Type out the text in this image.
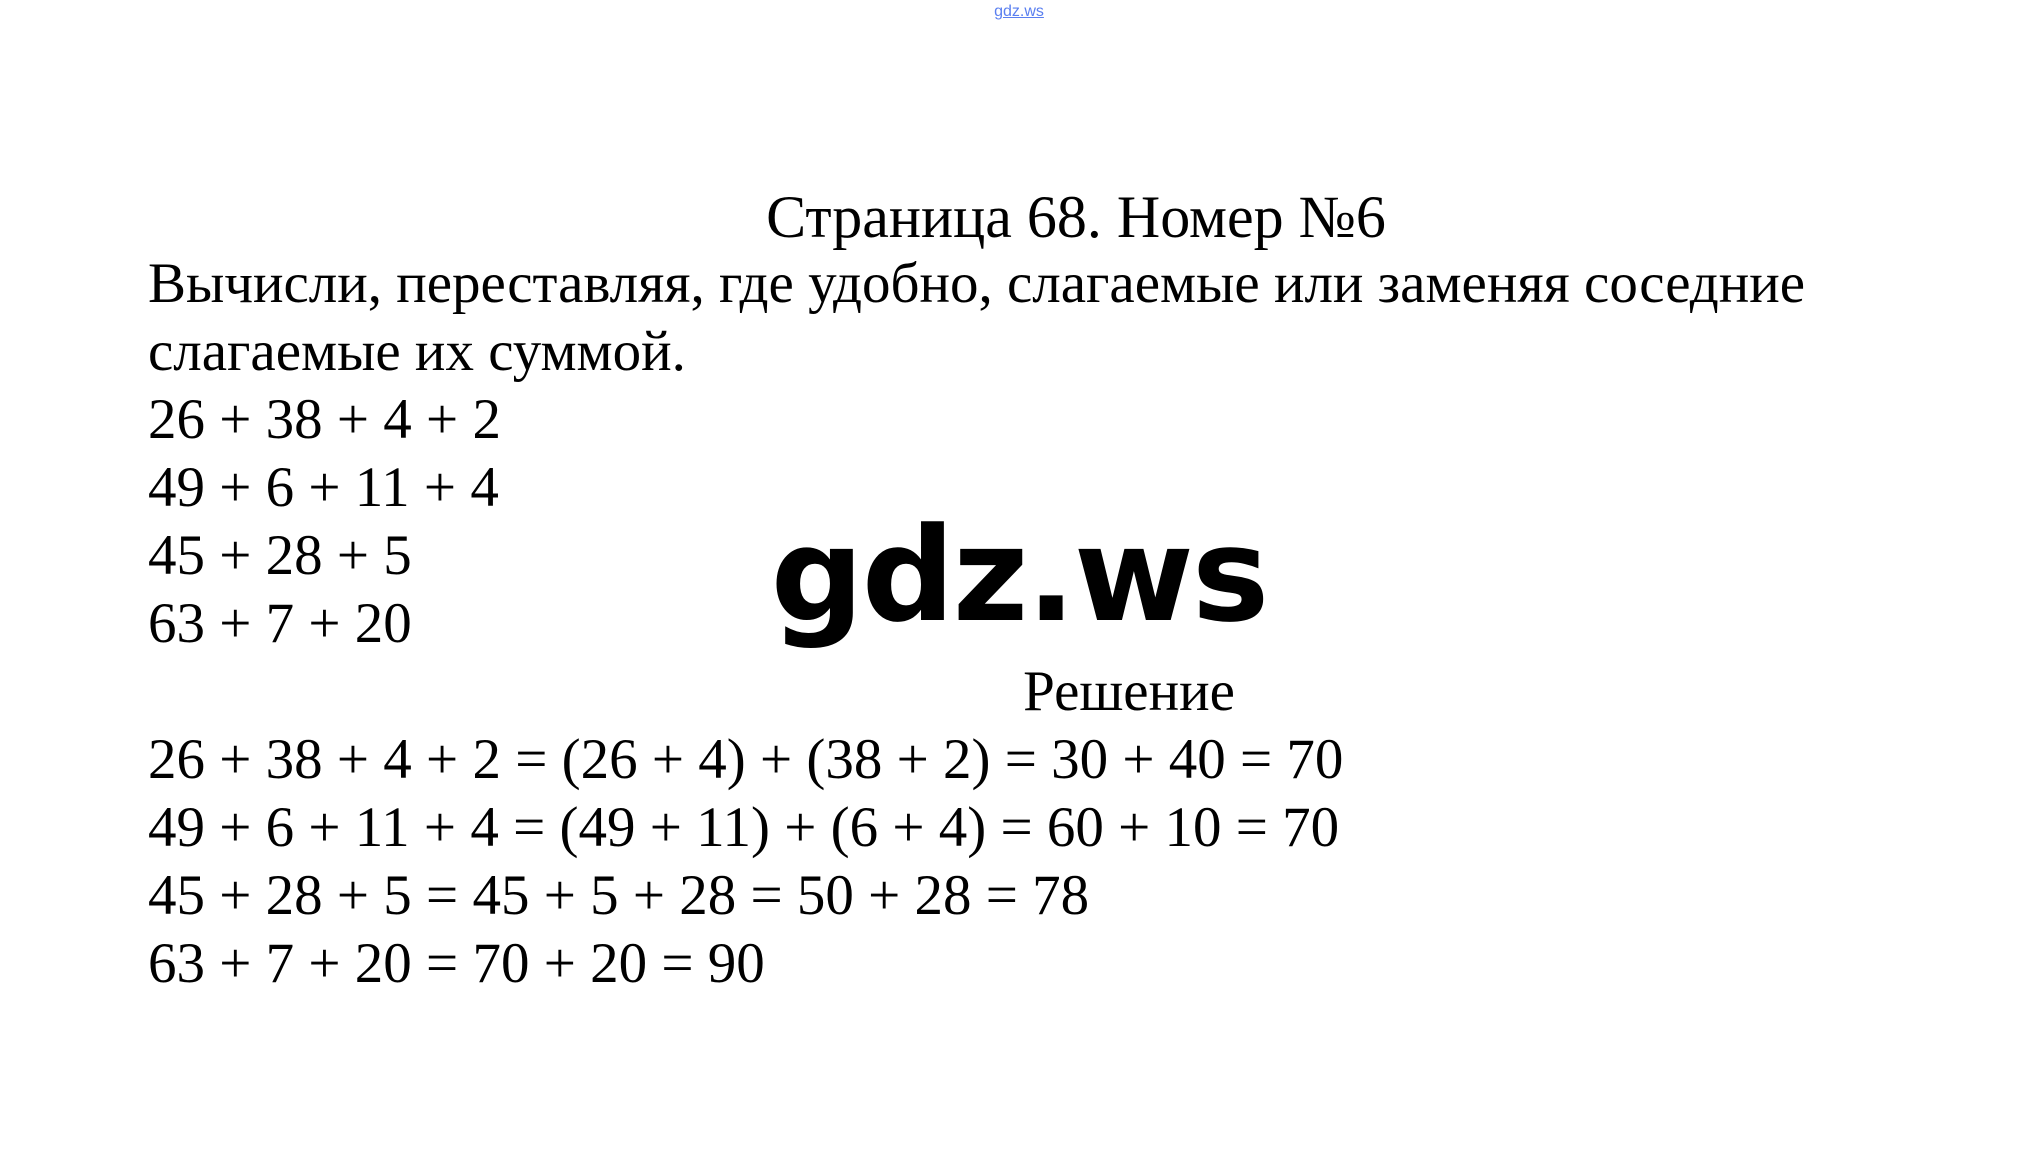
gdz.ws
Страница 68. Номер №6
Вычисли, переставляя, где удобно, слагаемые или заменяя соседние
слагаемые их суммой.
26 + 38 + 4 + 2
49 + 6 + 11 + 4
45 + 28 + 5
63 + 7 + 20	gdz.ws
Решение
26 + 38 + 4 + 2 = (26 + 4) + (38 + 2) = 30 + 40 = 70
49 + 6 + 11 + 4 = (49 + 11) + (6 + 4) = 60 + 10 = 70
45 + 28 + 5 = 45 + 5 + 28 = 50 + 28 = 78
63 + 7 + 20 = 70 + 20 = 90
